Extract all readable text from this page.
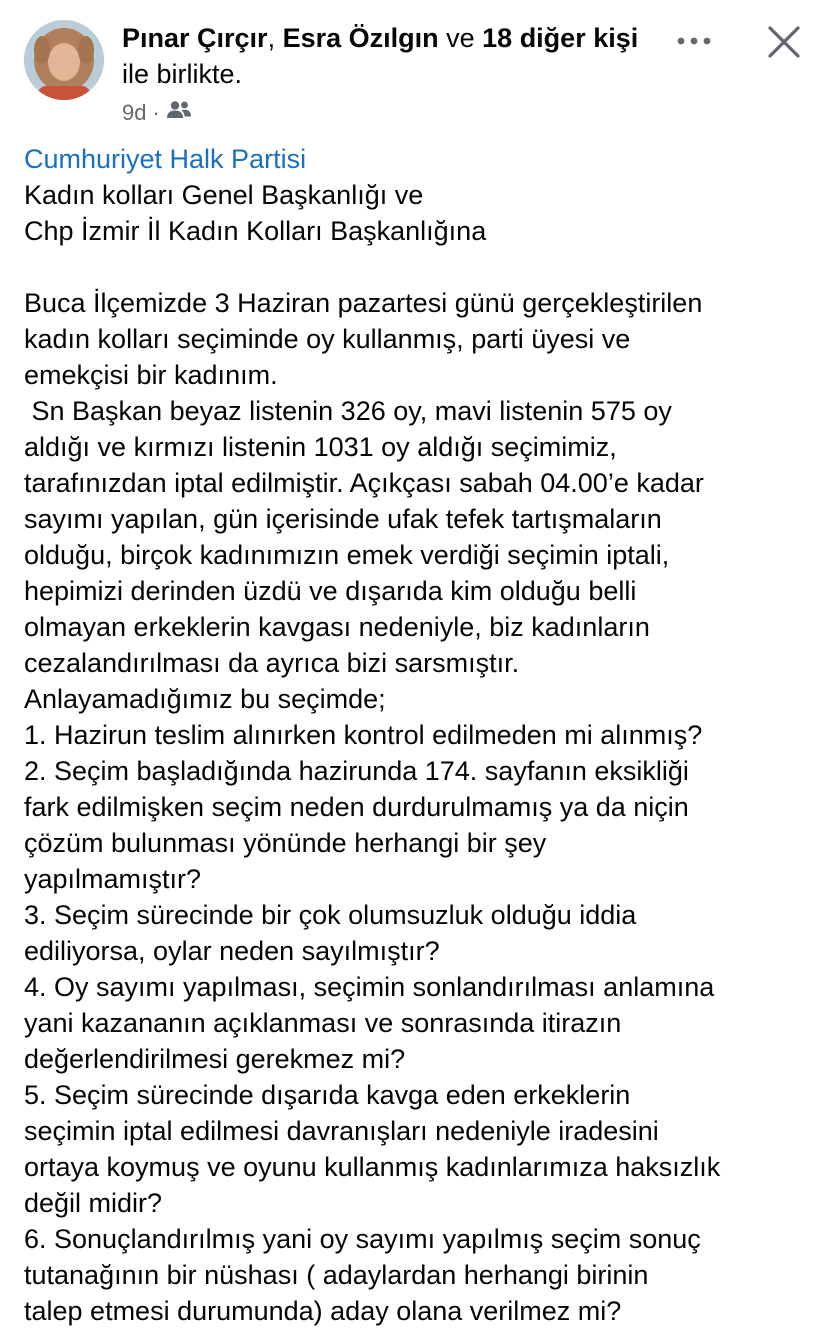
Pınar Çırçır, Esra Özılgın ve 18 diğer kişi ile birlikte.
9d ·
Cumhuriyet Halk Partisi
Kadın kolları Genel Başkanlığı ve
Chp İzmir İl Kadın Kolları Başkanlığına
Buca İlçemizde 3 Haziran pazartesi günü gerçekleştirilen
kadın kolları seçiminde oy kullanmış, parti üyesi ve
emekçisi bir kadınım.
Sn Başkan beyaz listenin 326 oy, mavi listenin 575 oy
aldığı ve kırmızı listenin 1031 oy aldığı seçimimiz,
tarafınızdan iptal edilmiştir. Açıkçası sabah 04.00’e kadar
sayımı yapılan, gün içerisinde ufak tefek tartışmaların
olduğu, birçok kadınımızın emek verdiği seçimin iptali,
hepimizi derinden üzdü ve dışarıda kim olduğu belli
olmayan erkeklerin kavgası nedeniyle, biz kadınların
cezalandırılması da ayrıca bizi sarsmıştır.
Anlayamadığımız bu seçimde;
1. Hazirun teslim alınırken kontrol edilmeden mi alınmış?
2. Seçim başladığında hazirunda 174. sayfanın eksikliği
fark edilmişken seçim neden durdurulmamış ya da niçin
çözüm bulunması yönünde herhangi bir şey
yapılmamıştır?
3. Seçim sürecinde bir çok olumsuzluk olduğu iddia
ediliyorsa, oylar neden sayılmıştır?
4. Oy sayımı yapılması, seçimin sonlandırılması anlamına
yani kazananın açıklanması ve sonrasında itirazın
değerlendirilmesi gerekmez mi?
5. Seçim sürecinde dışarıda kavga eden erkeklerin
seçimin iptal edilmesi davranışları nedeniyle iradesini
ortaya koymuş ve oyunu kullanmış kadınlarımıza haksızlık
değil midir?
6. Sonuçlandırılmış yani oy sayımı yapılmış seçim sonuç
tutanağının bir nüshası ( adaylardan herhangi birinin
talep etmesi durumunda) aday olana verilmez mi?
